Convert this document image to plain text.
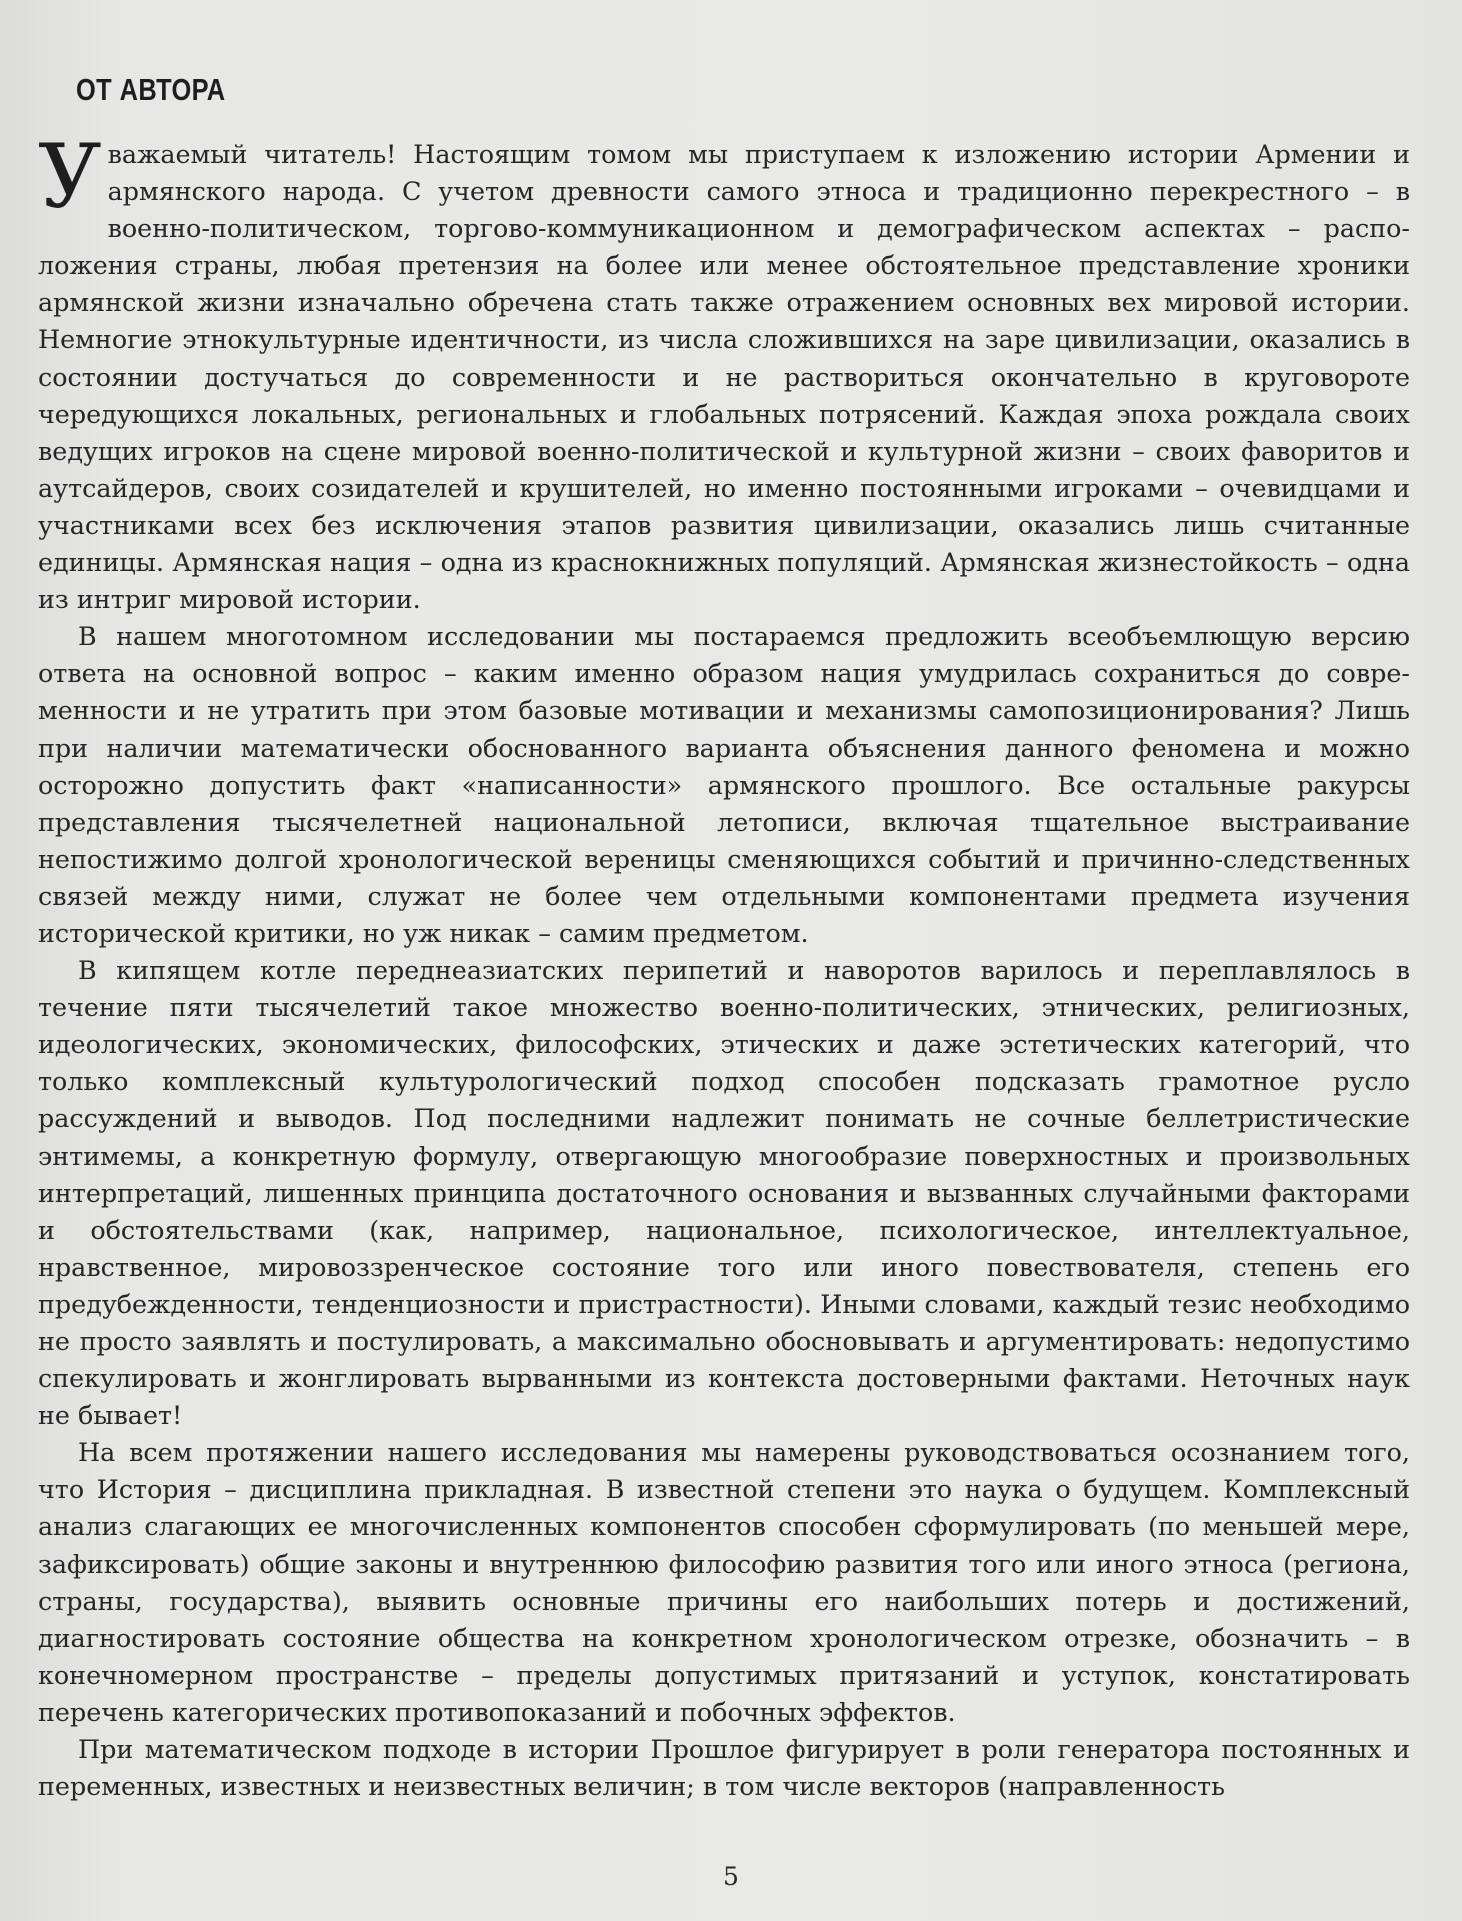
ОТ АВТОРА

Уважаемый читатель! Настоящим томом мы приступаем к изложению истории Армении и армянского народа. С учетом древности самого этноса и традиционно перекрестного – в военно-политическом, торгово-коммуникационном и демографическом аспектах – расположения страны, любая претензия на более или менее обстоятельное представление хроники армянской жизни изначально обречена стать также отражением основных вех мировой истории. Немногие этнокультурные идентичности, из числа сложившихся на заре цивилизации, оказались в состоянии достучаться до современности и не раствориться окончательно в круговороте чередующихся локальных, региональных и глобальных потрясений. Каждая эпоха рождала своих ведущих игроков на сцене мировой военно-политической и культурной жизни – своих фаворитов и аутсайдеров, своих созидателей и крушителей, но именно постоянными игроками – очевидцами и участниками всех без исключения этапов развития цивилизации, оказались лишь считанные единицы. Армянская нация – одна из краснокнижных популяций. Армянская жизнестойкость – одна из интриг мировой истории.

В нашем многотомном исследовании мы постараемся предложить всеобъемлющую версию ответа на основной вопрос – каким именно образом нация умудрилась сохраниться до современности и не утратить при этом базовые мотивации и механизмы самопозиционирования? Лишь при наличии математически обоснованного варианта объяснения данного феномена и можно осторожно допустить факт «написанности» армянского прошлого. Все остальные ракурсы представления тысячелетней национальной летописи, включая тщательное выстраивание непостижимо долгой хронологической вереницы сменяющихся событий и причинно-следственных связей между ними, служат не более чем отдельными компонентами предмета изучения исторической критики, но уж никак – самим предметом.

В кипящем котле переднеазиатских перипетий и наворотов варилось и переплавлялось в течение пяти тысячелетий такое множество военно-политических, этнических, религиозных, идеологических, экономических, философских, этических и даже эстетических категорий, что только комплексный культурологический подход способен подсказать грамотное русло рассуждений и выводов. Под последними надлежит понимать не сочные беллетристические энтимемы, а конкретную формулу, отвергающую многообразие поверхностных и произвольных интерпретаций, лишенных принципа достаточного основания и вызванных случайными факторами и обстоятельствами (как, например, национальное, психологическое, интеллектуальное, нравственное, мировоззренческое состояние того или иного повествователя, степень его предубежденности, тенденциозности и пристрастности). Иными словами, каждый тезис необходимо не просто заявлять и постулировать, а максимально обосновывать и аргументировать: недопустимо спекулировать и жонглировать вырванными из контекста достоверными фактами. Неточных наук не бывает!

На всем протяжении нашего исследования мы намерены руководствоваться осознанием того, что История – дисциплина прикладная. В известной степени это наука о будущем. Комплексный анализ слагающих ее многочисленных компонентов способен сформулировать (по меньшей мере, зафиксировать) общие законы и внутреннюю философию развития того или иного этноса (региона, страны, государства), выявить основные причины его наибольших потерь и достижений, диагностировать состояние общества на конкретном хронологическом отрезке, обозначить – в конечномерном пространстве – пределы допустимых притязаний и уступок, констатировать перечень категорических противопоказаний и побочных эффектов.

При математическом подходе в истории Прошлое фигурирует в роли генератора постоянных и переменных, известных и неизвестных величин; в том числе векторов (направленность

5
